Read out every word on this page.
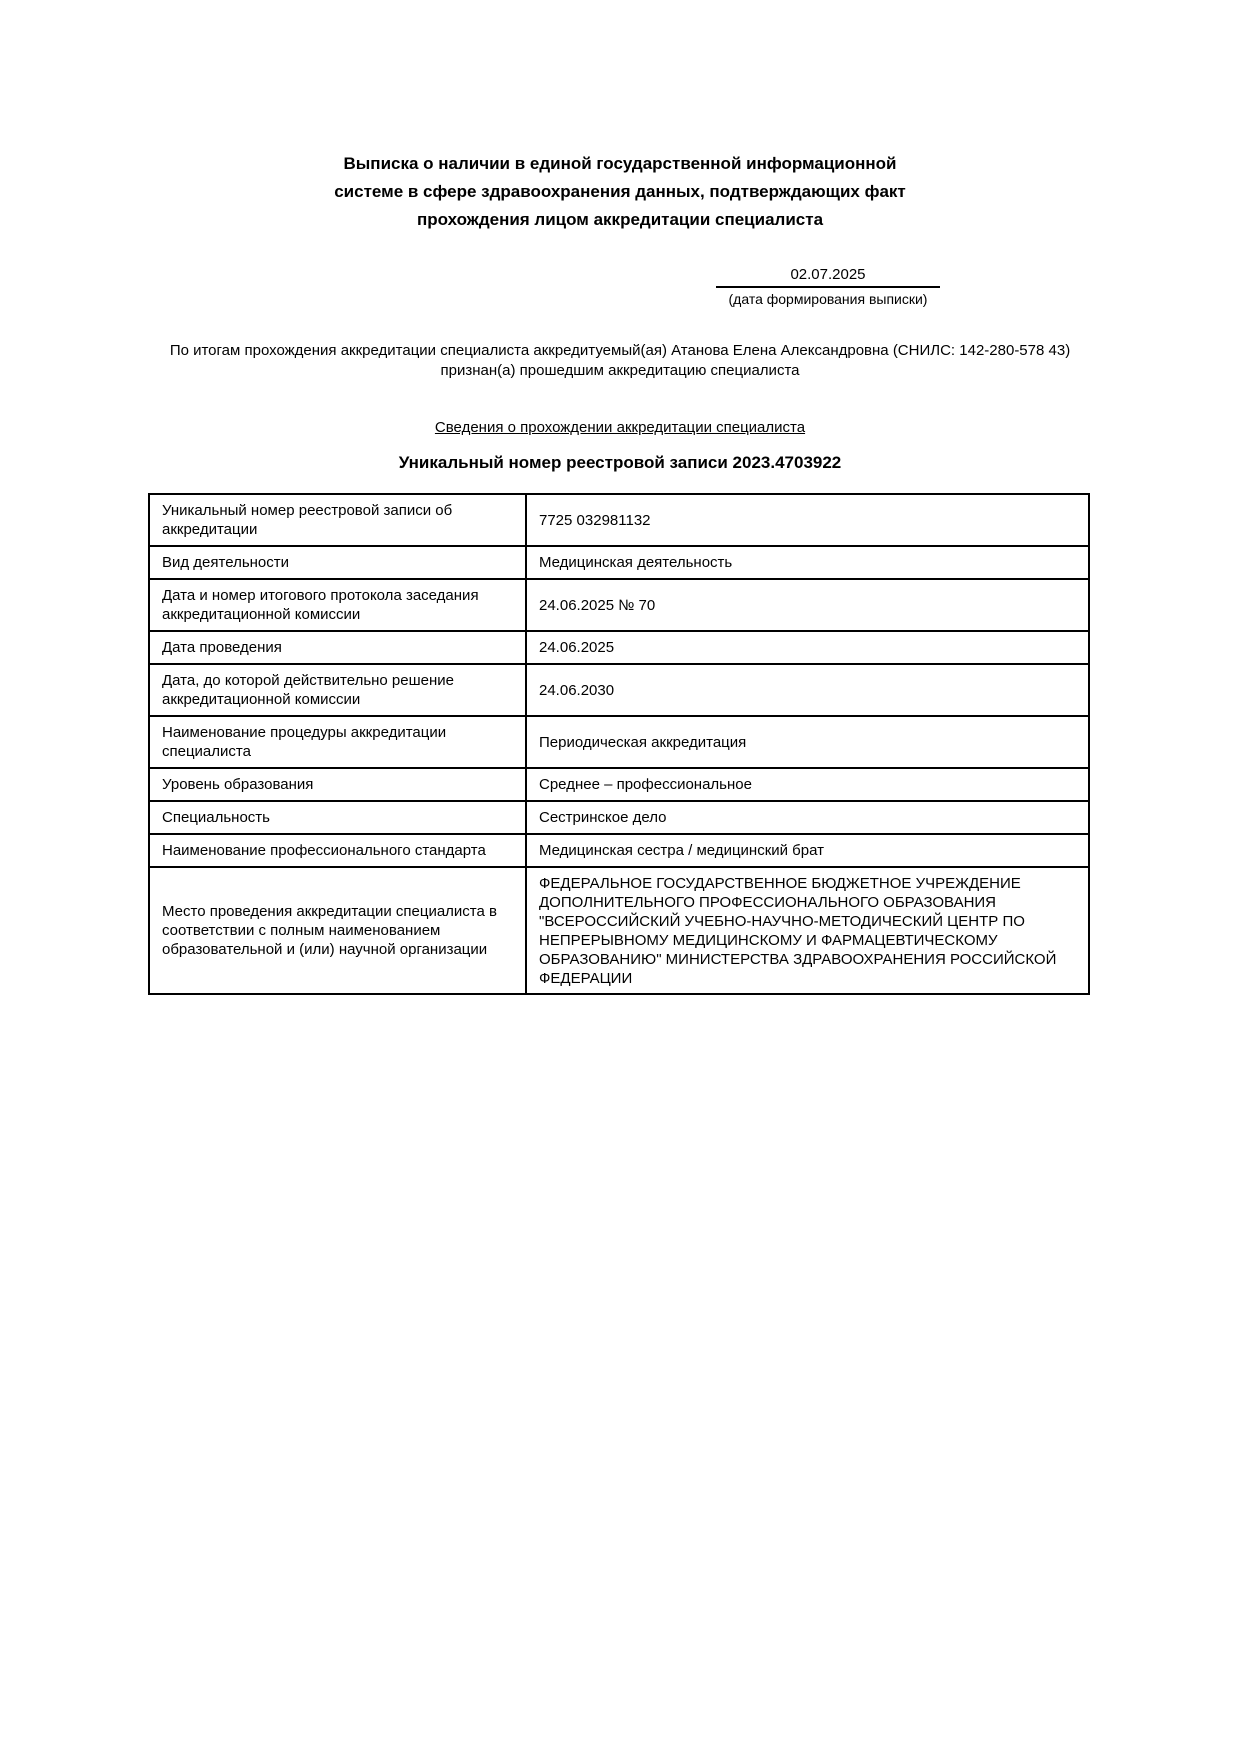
Выписка о наличии в единой государственной информационной
системе в сфере здравоохранения данных, подтверждающих факт
прохождения лицом аккредитации специалиста
02.07.2025
(дата формирования выписки)
По итогам прохождения аккредитации специалиста аккредитуемый(ая) Атанова Елена Александровна (СНИЛС: 142-280-578 43) признан(а) прошедшим аккредитацию специалиста
Сведения о прохождении аккредитации специалиста
Уникальный номер реестровой записи 2023.4703922
Уникальный номер реестровой записи об аккредитации	7725 032981132
Вид деятельности	Медицинская деятельность
Дата и номер итогового протокола заседания аккредитационной комиссии	24.06.2025 № 70
Дата проведения	24.06.2025
Дата, до которой действительно решение аккредитационной комиссии	24.06.2030
Наименование процедуры аккредитации специалиста	Периодическая аккредитация
Уровень образования	Среднее – профессиональное
Специальность	Сестринское дело
Наименование профессионального стандарта	Медицинская сестра / медицинский брат
Место проведения аккредитации специалиста в соответствии с полным наименованием образовательной и (или) научной организации	ФЕДЕРАЛЬНОЕ ГОСУДАРСТВЕННОЕ БЮДЖЕТНОЕ УЧРЕЖДЕНИЕ ДОПОЛНИТЕЛЬНОГО ПРОФЕССИОНАЛЬНОГО ОБРАЗОВАНИЯ "ВСЕРОССИЙСКИЙ УЧЕБНО-НАУЧНО-МЕТОДИЧЕСКИЙ ЦЕНТР ПО НЕПРЕРЫВНОМУ МЕДИЦИНСКОМУ И ФАРМАЦЕВТИЧЕСКОМУ ОБРАЗОВАНИЮ" МИНИСТЕРСТВА ЗДРАВООХРАНЕНИЯ РОССИЙСКОЙ ФЕДЕРАЦИИ
